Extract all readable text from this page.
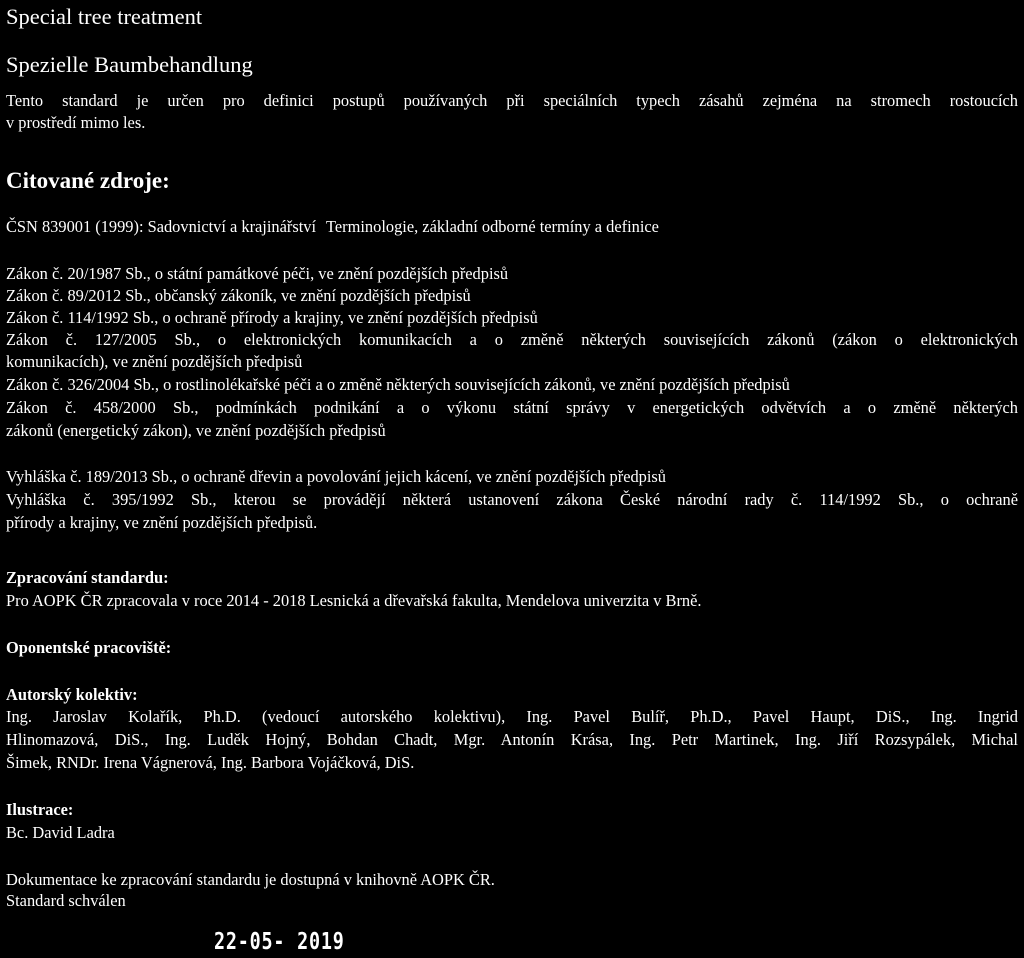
Special tree treatment
Spezielle Baumbehandlung
Tento standard je určen pro definici postupů používaných při speciálních typech zásahů zejména na stromech rostoucích
v prostředí mimo les.
Citované zdroje:
ČSN 839001 (1999): Sadovnictví a krajinářství Terminologie, základní odborné termíny a definice
Zákon č. 20/1987 Sb., o státní památkové péči, ve znění pozdějších předpisů
Zákon č. 89/2012 Sb., občanský zákoník, ve znění pozdějších předpisů
Zákon č. 114/1992 Sb., o ochraně přírody a krajiny, ve znění pozdějších předpisů
Zákon č. 127/2005 Sb., o elektronických komunikacích a o změně některých souvisejících zákonů (zákon o elektronických
komunikacích), ve znění pozdějších předpisů
Zákon č. 326/2004 Sb., o rostlinolékařské péči a o změně některých souvisejících zákonů, ve znění pozdějších předpisů
Zákon č. 458/2000 Sb., podmínkách podnikání a o výkonu státní správy v energetických odvětvích a o změně některých
zákonů (energetický zákon), ve znění pozdějších předpisů
Vyhláška č. 189/2013 Sb., o ochraně dřevin a povolování jejich kácení, ve znění pozdějších předpisů
Vyhláška č. 395/1992 Sb., kterou se provádějí některá ustanovení zákona České národní rady č. 114/1992 Sb., o ochraně
přírody a krajiny, ve znění pozdějších předpisů.
Zpracování standardu:
Pro AOPK ČR zpracovala v roce 2014 - 2018 Lesnická a dřevařská fakulta, Mendelova univerzita v Brně.
Oponentské pracoviště:
Autorský kolektiv:
Ing. Jaroslav Kolařík, Ph.D. (vedoucí autorského kolektivu), Ing. Pavel Bulíř, Ph.D., Pavel Haupt, DiS., Ing. Ingrid
Hlinomazová, DiS., Ing. Luděk Hojný, Bohdan Chadt, Mgr. Antonín Krása, Ing. Petr Martinek, Ing. Jiří Rozsypálek, Michal
Šimek, RNDr. Irena Vágnerová, Ing. Barbora Vojáčková, DiS.
Ilustrace:
Bc. David Ladra
Dokumentace ke zpracování standardu je dostupná v knihovně AOPK ČR.
Standard schválen
22-05- 2019
